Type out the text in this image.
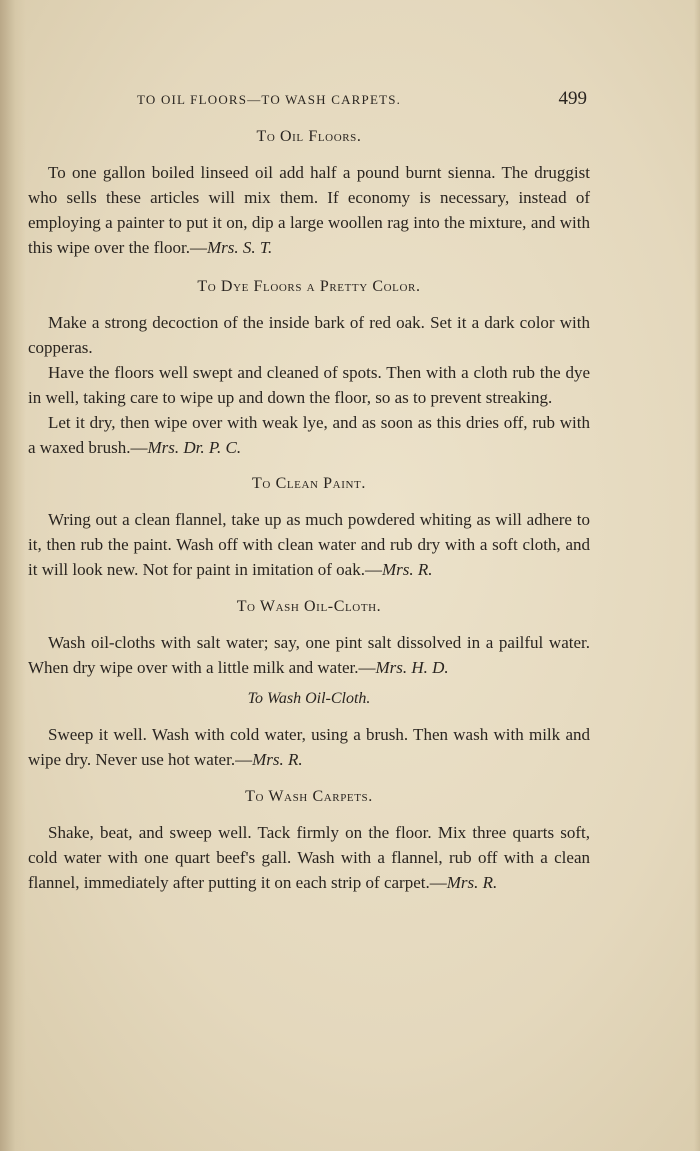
TO OIL FLOORS—TO WASH CARPETS.	499
To Oil Floors.

To one gallon boiled linseed oil add half a pound burnt sienna. The druggist who sells these articles will mix them. If economy is necessary, instead of employing a painter to put it on, dip a large woollen rag into the mixture, and with this wipe over the floor.—Mrs. S. T.

To Dye Floors a Pretty Color.

Make a strong decoction of the inside bark of red oak. Set it a dark color with copperas.

Have the floors well swept and cleaned of spots. Then with a cloth rub the dye in well, taking care to wipe up and down the floor, so as to prevent streaking.

Let it dry, then wipe over with weak lye, and as soon as this dries off, rub with a waxed brush.—Mrs. Dr. P. C.

To Clean Paint.

Wring out a clean flannel, take up as much powdered whiting as will adhere to it, then rub the paint. Wash off with clean water and rub dry with a soft cloth, and it will look new. Not for paint in imitation of oak.—Mrs. R.

To Wash Oil-Cloth.

Wash oil-cloths with salt water; say, one pint salt dissolved in a pailful water. When dry wipe over with a little milk and water.—Mrs. H. D.

To Wash Oil-Cloth.

Sweep it well. Wash with cold water, using a brush. Then wash with milk and wipe dry. Never use hot water.—Mrs. R.

To Wash Carpets.

Shake, beat, and sweep well. Tack firmly on the floor. Mix three quarts soft, cold water with one quart beef's gall. Wash with a flannel, rub off with a clean flannel, immediately after putting it on each strip of carpet.—Mrs. R.
